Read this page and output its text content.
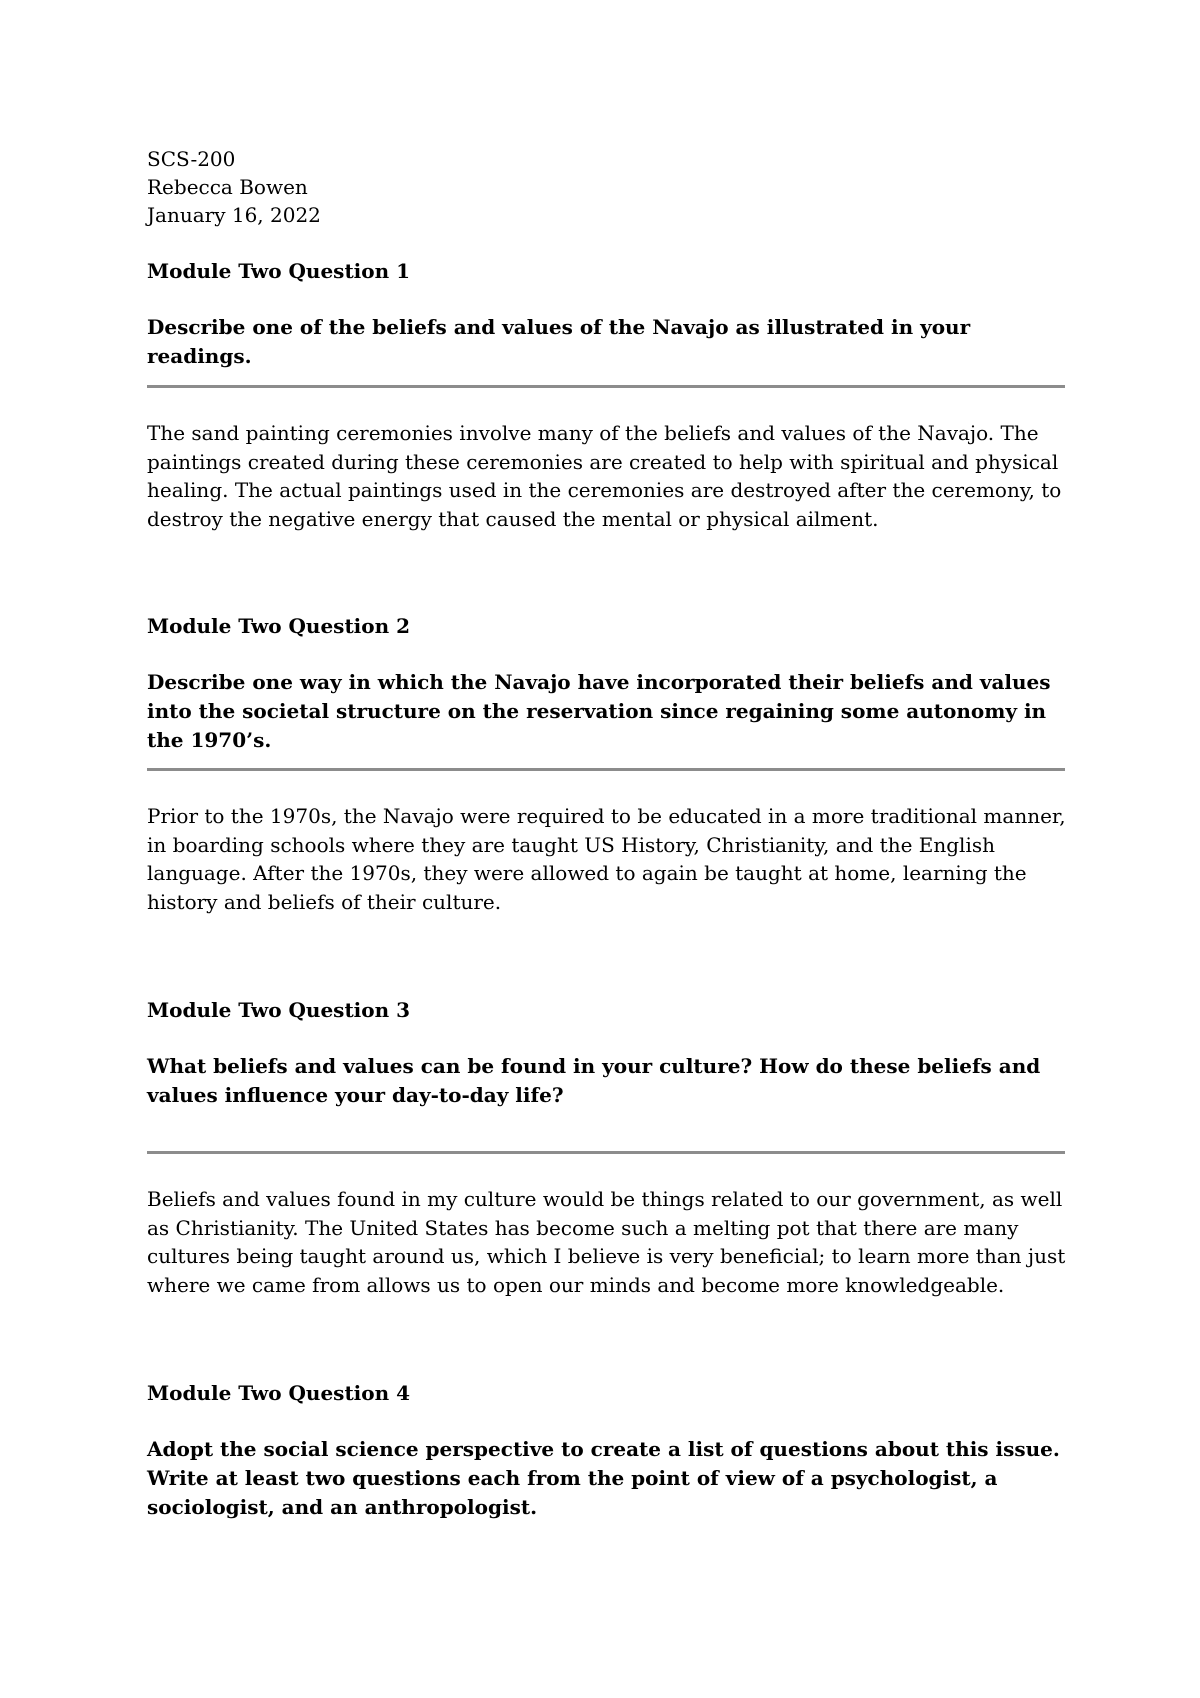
SCS-200

Rebecca Bowen

January 16, 2022

Module Two Question 1

Describe one of the beliefs and values of the Navajo as illustrated in your readings.

The sand painting ceremonies involve many of the beliefs and values of the Navajo. The paintings created during these ceremonies are created to help with spiritual and physical healing. The actual paintings used in the ceremonies are destroyed after the ceremony, to destroy the negative energy that caused the mental or physical ailment.

Module Two Question 2

Describe one way in which the Navajo have incorporated their beliefs and values into the societal structure on the reservation since regaining some autonomy in the 1970’s.

Prior to the 1970s, the Navajo were required to be educated in a more traditional manner, in boarding schools where they are taught US History, Christianity, and the English language. After the 1970s, they were allowed to again be taught at home, learning the history and beliefs of their culture.

Module Two Question 3

What beliefs and values can be found in your culture? How do these beliefs and values influence your day-to-day life?

Beliefs and values found in my culture would be things related to our government, as well as Christianity. The United States has become such a melting pot that there are many cultures being taught around us, which I believe is very beneficial; to learn more than just where we came from allows us to open our minds and become more knowledgeable.

Module Two Question 4

Adopt the social science perspective to create a list of questions about this issue. Write at least two questions each from the point of view of a psychologist, a sociologist, and an anthropologist.
